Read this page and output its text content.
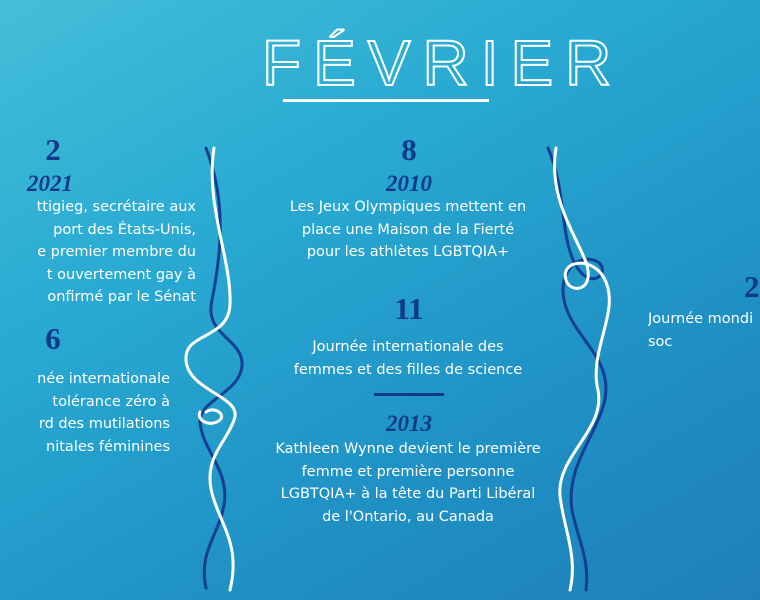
FÉVRIER
2
2021
ttigieg, secrétaire aux
port des États-Unis,
e premier membre du
t ouvertement gay à
onfirmé par le Sénat
6
née internationale
tolérance zéro à
rd des mutilations
nitales féminines
8
2010
Les Jeux Olympiques mettent en
place une Maison de la Fierté
pour les athlètes LGBTQIA+
11
Journée internationale des
femmes et des filles de science
2013
Kathleen Wynne devient le première
femme et première personne
LGBTQIA+ à la tête du Parti Libéral
de l'Ontario, au Canada
2
Journée mondi
soc
